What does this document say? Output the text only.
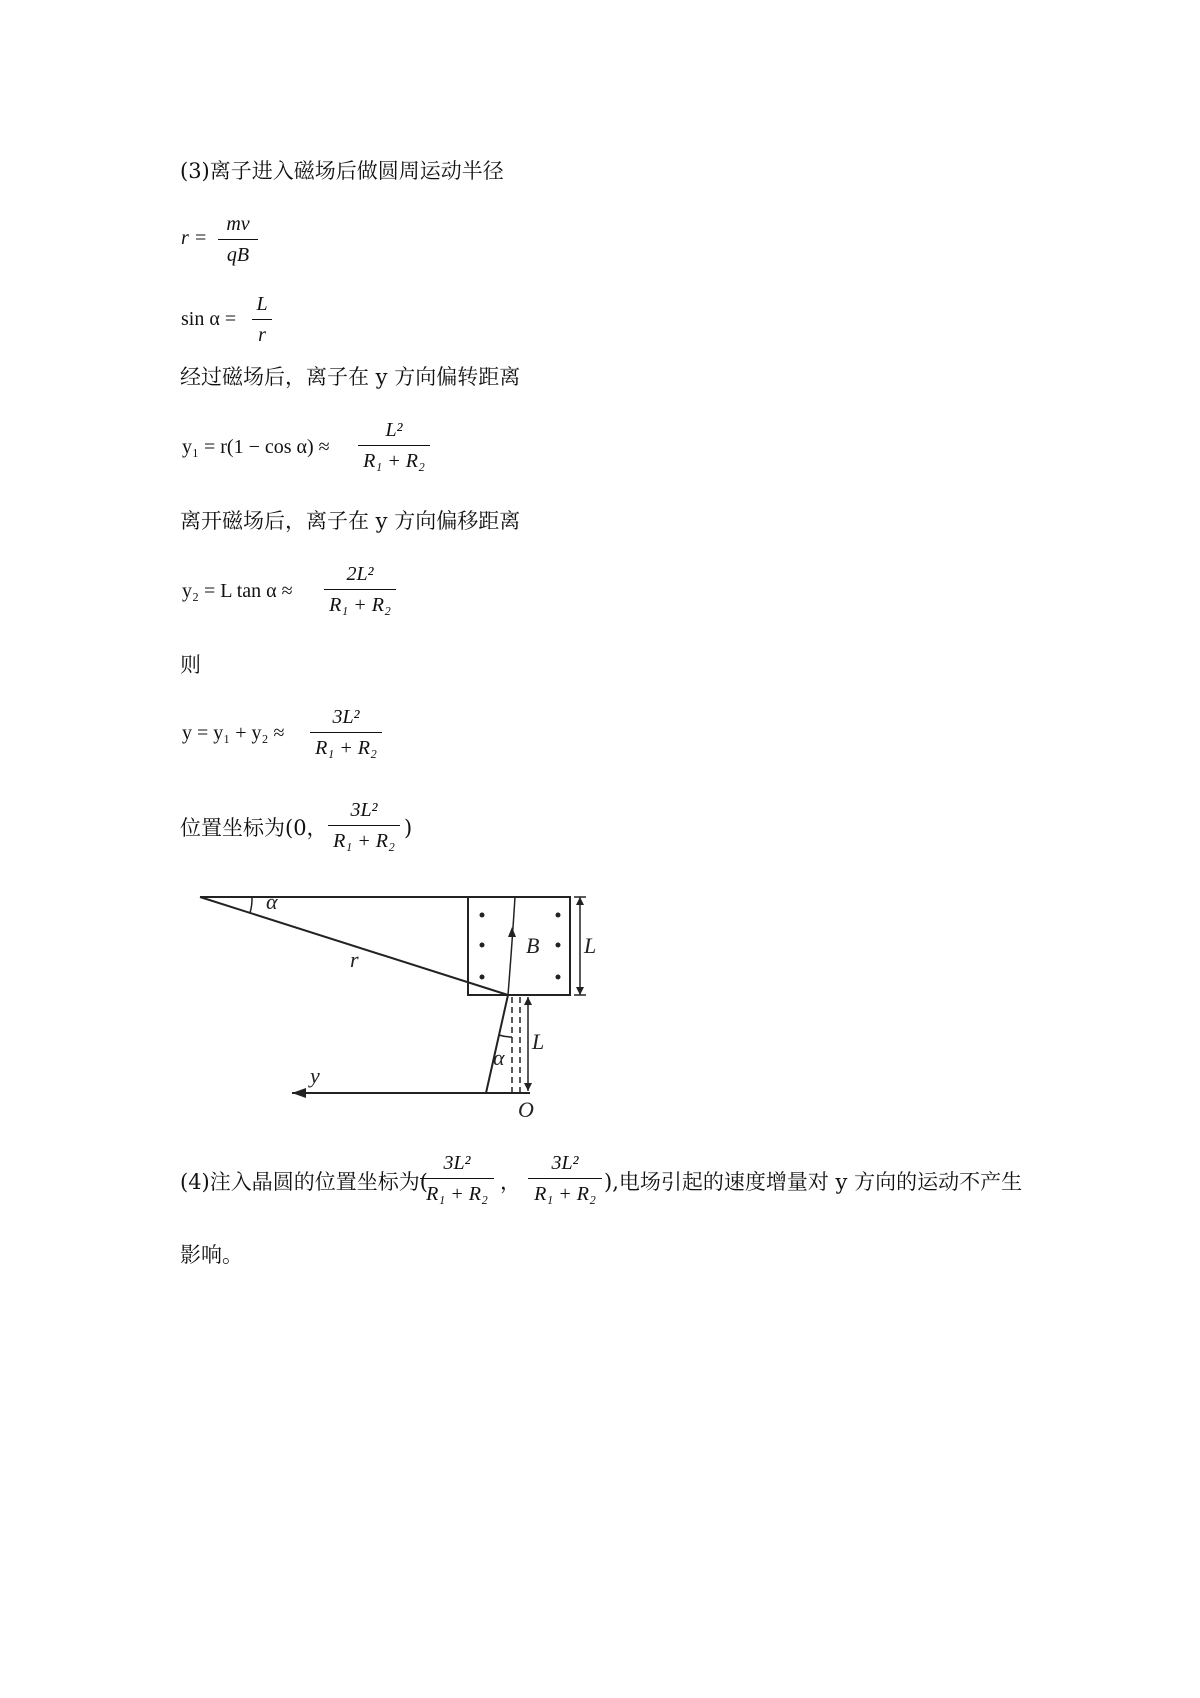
(3)离子进入磁场后做圆周运动半径
r =
mv
qB
sin α =
L
r
经过磁场后，离子在 y 方向偏转距离
y₁ = r(1 − cos α) ≈
L²
R₁ + R₂
离开磁场后，离子在 y 方向偏移距离
y₂ = L tan α ≈
2L²
R₁ + R₂
则
y = y₁ + y₂ ≈
3L²
R₁ + R₂
位置坐标为(0，
3L²
R₁ + R₂
)
α
r
B L
L
α
y
O
(4)注入晶圆的位置坐标为(
3L²
R₁ + R₂ ，
3L²
R₁ + R₂ ),电场引起的速度增量对 y 方向的运动不产生
影响。
